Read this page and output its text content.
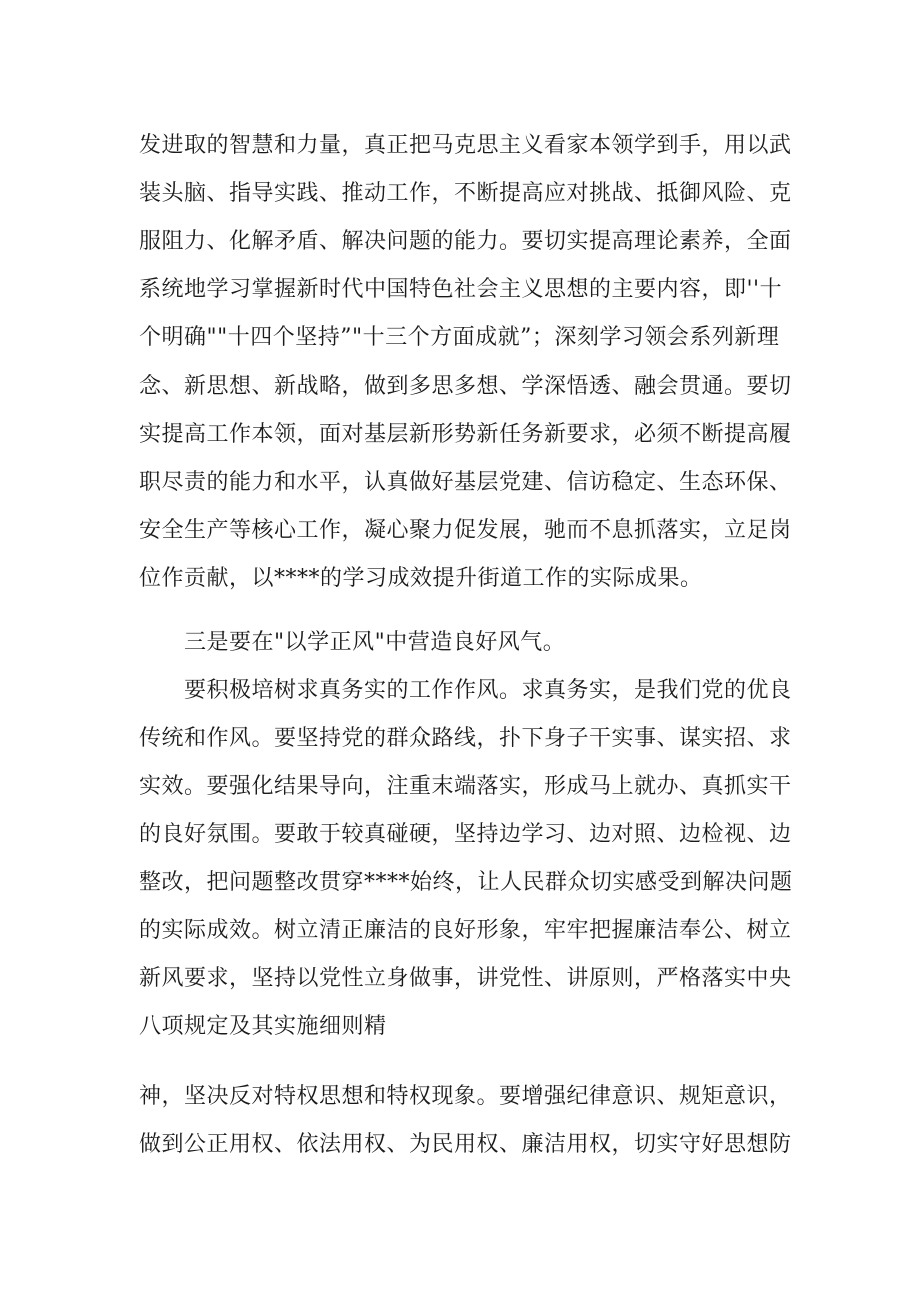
发进取的智慧和力量，真正把马克思主义看家本领学到手，用以武
装头脑、指导实践、推动工作，不断提高应对挑战、抵御风险、克
服阻力、化解矛盾、解决问题的能力。要切实提高理论素养，全面
系统地学习掌握新时代中国特色社会主义思想的主要内容，即''十
个明确""十四个坚持”"十三个方面成就”；深刻学习领会系列新理
念、新思想、新战略，做到多思多想、学深悟透、融会贯通。要切
实提高工作本领，面对基层新形势新任务新要求，必须不断提高履
职尽责的能力和水平，认真做好基层党建、信访稳定、生态环保、
安全生产等核心工作，凝心聚力促发展，驰而不息抓落实，立足岗
位作贡献，以****的学习成效提升街道工作的实际成果。
三是要在"以学正风"中营造良好风气。
要积极培树求真务实的工作作风。求真务实，是我们党的优良
传统和作风。要坚持党的群众路线，扑下身子干实事、谋实招、求
实效。要强化结果导向，注重末端落实，形成马上就办、真抓实干
的良好氛围。要敢于较真碰硬，坚持边学习、边对照、边检视、边
整改，把问题整改贯穿****始终，让人民群众切实感受到解决问题
的实际成效。树立清正廉洁的良好形象，牢牢把握廉洁奉公、树立
新风要求，坚持以党性立身做事，讲党性、讲原则，严格落实中央
八项规定及其实施细则精
神，坚决反对特权思想和特权现象。要增强纪律意识、规矩意识，
做到公正用权、依法用权、为民用权、廉洁用权，切实守好思想防
